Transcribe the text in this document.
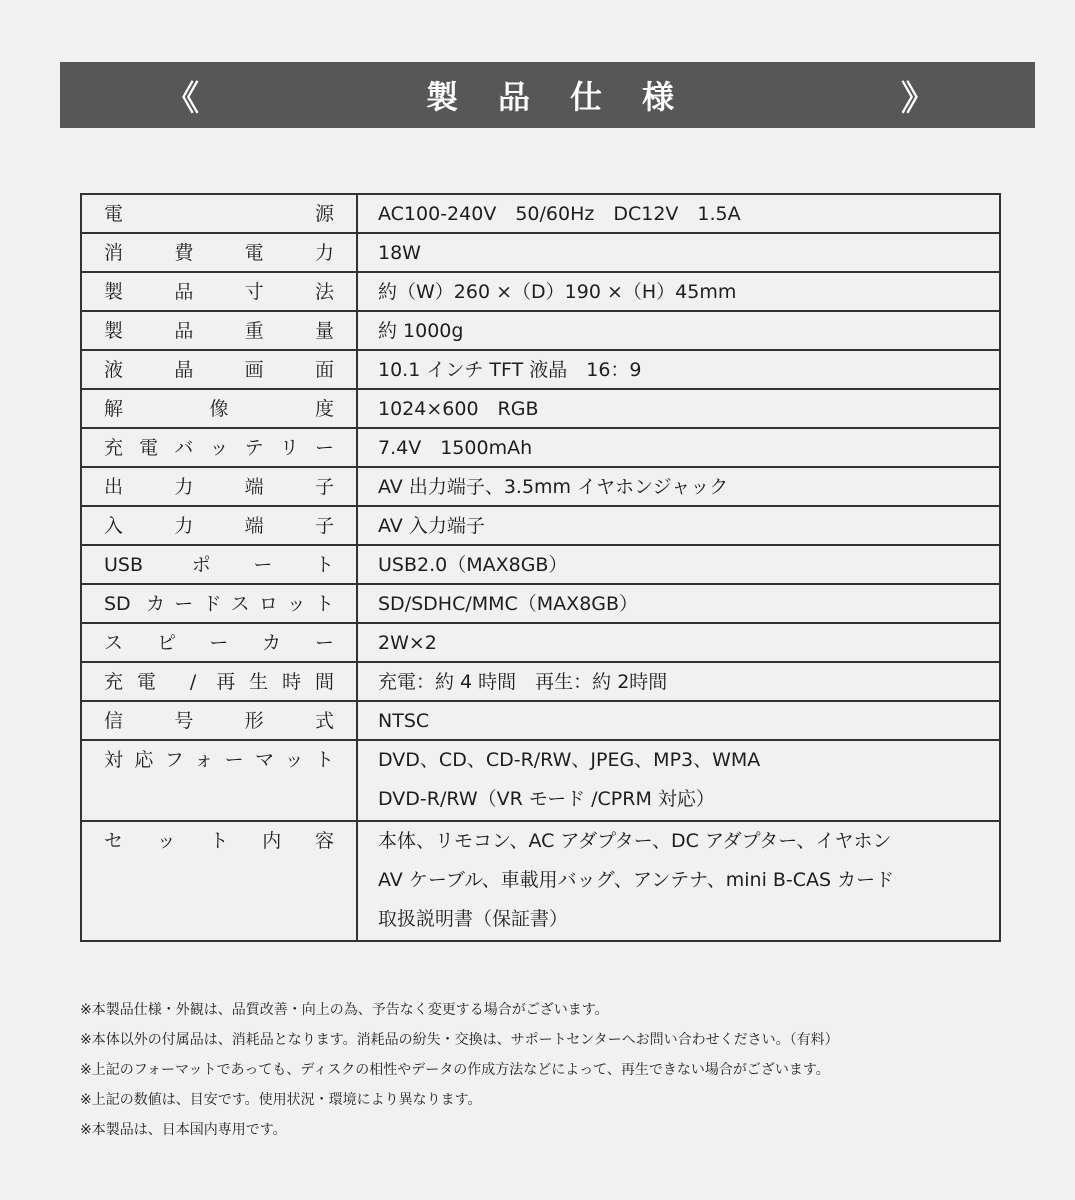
《	製品仕様	》
電源	AC100-240V　50/60Hz　DC12V　1.5A

消費電力	18W

製品寸法	約（W）260 ×（D）190 ×（H）45mm

製品重量	約 1000g

液晶画面	10.1 インチ TFT 液晶　16：9

解像度	1024×600　RGB

充電バッテリー	7.4V　1500mAh

出力端子	AV 出力端子、3.5mm イヤホンジャック

入力端子	AV 入力端子

USB ポート	USB2.0（MAX8GB）

SD カードスロット	SD/SDHC/MMC（MAX8GB）

スピーカー	2W×2

充電 / 再生時間	充電：約 4 時間　再生：約 2時間

信号形式	NTSC

対応フォーマット	DVD、CD、CD-R/RW、JPEG、MP3、WMA
DVD-R/RW（VR モード /CPRM 対応）

セット内容	本体、リモコン、AC アダプター、DC アダプター、イヤホン
AV ケーブル、車載用バッグ、アンテナ、mini B-CAS カード
取扱説明書（保証書）
※本製品仕様・外観は、品質改善・向上の為、予告なく変更する場合がございます。
※本体以外の付属品は、消耗品となります。消耗品の紛失・交換は、サポートセンターへお問い合わせください。（有料）
※上記のフォーマットであっても、ディスクの相性やデータの作成方法などによって、再生できない場合がございます。
※上記の数値は、目安です。使用状況・環境により異なります。
※本製品は、日本国内専用です。
